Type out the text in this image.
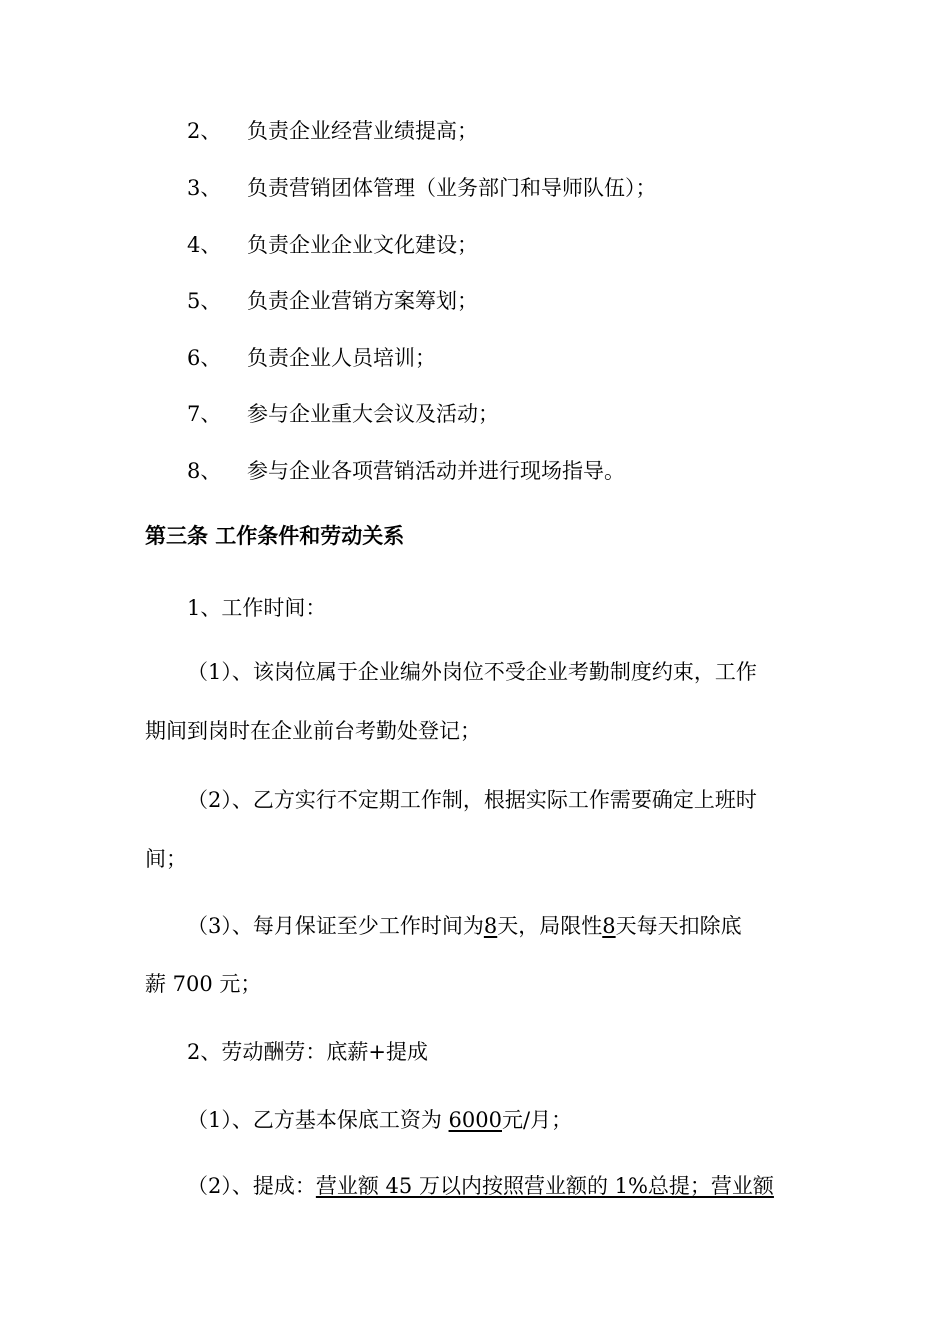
2、 负责企业经营业绩提高；
3、 负责营销团体管理（业务部门和导师队伍）；
4、 负责企业企业文化建设；
5、 负责企业营销方案筹划；
6、 负责企业人员培训；
7、 参与企业重大会议及活动；
8、 参与企业各项营销活动并进行现场指导。
第三条 工作条件和劳动关系
1、工作时间：
（1）、该岗位属于企业编外岗位不受企业考勤制度约束，工作
期间到岗时在企业前台考勤处登记；
（2）、乙方实行不定期工作制，根据实际工作需要确定上班时
间；
（3）、每月保证至少工作时间为8天，局限性8天每天扣除底
薪 700 元；
2、劳动酬劳：底薪+提成
（1）、乙方基本保底工资为 6000元/月；
（2）、提成：营业额 45 万以内按照营业额的 1%总提；营业额
